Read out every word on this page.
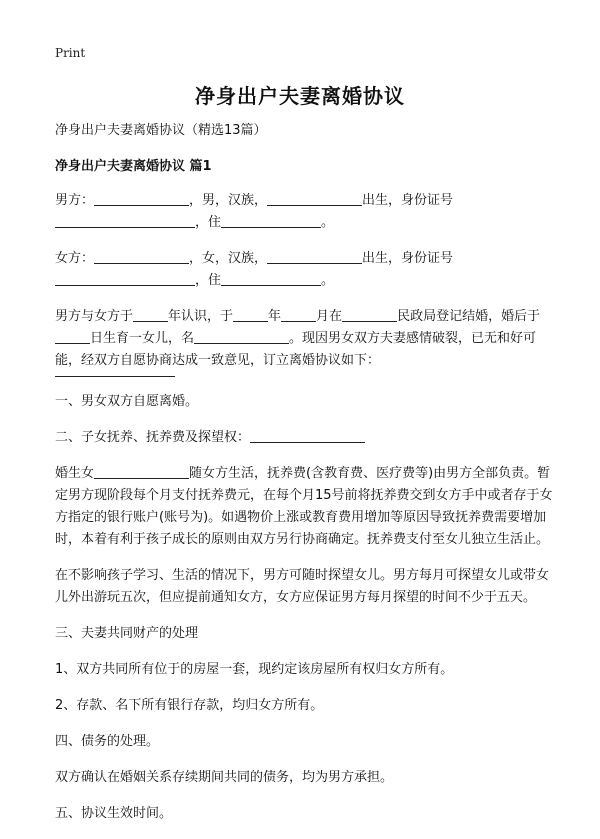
Print
净身出户夫妻离婚协议
净身出户夫妻离婚协议（精选13篇）
净身出户夫妻离婚协议 篇1

男方：	，男，汉族，	出生，身份证号
，住	。

女方：	，女，汉族，	出生，身份证号
，住	。

男方与女方于	年认识，于	年	月在	民政局登记结婚，婚后于日生育一女儿，名	。现因男女双方夫妻感情破裂，已无和好可能，经双方自愿协商达成一致意见，订立离婚协议如下：

一、男女双方自愿离婚。

二、子女抚养、抚养费及探望权：

婚生女	随女方生活，抚养费(含教育费、医疗费等)由男方全部负责。暂定男方现阶段每个月支付抚养费元，在每个月15号前将抚养费交到女方手中或者存于女方指定的银行账户(账号为)。如遇物价上涨或教育费用增加等原因导致抚养费需要增加时，本着有利于孩子成长的原则由双方另行协商确定。抚养费支付至女儿独立生活止。

在不影响孩子学习、生活的情况下，男方可随时探望女儿。男方每月可探望女儿或带女儿外出游玩五次，但应提前通知女方，女方应保证男方每月探望的时间不少于五天。

三、夫妻共同财产的处理

1、双方共同所有位于的房屋一套，现约定该房屋所有权归女方所有。

2、存款、名下所有银行存款，均归女方所有。

四、债务的处理。

双方确认在婚姻关系存续期间共同的债务，均为男方承担。

五、协议生效时间。
